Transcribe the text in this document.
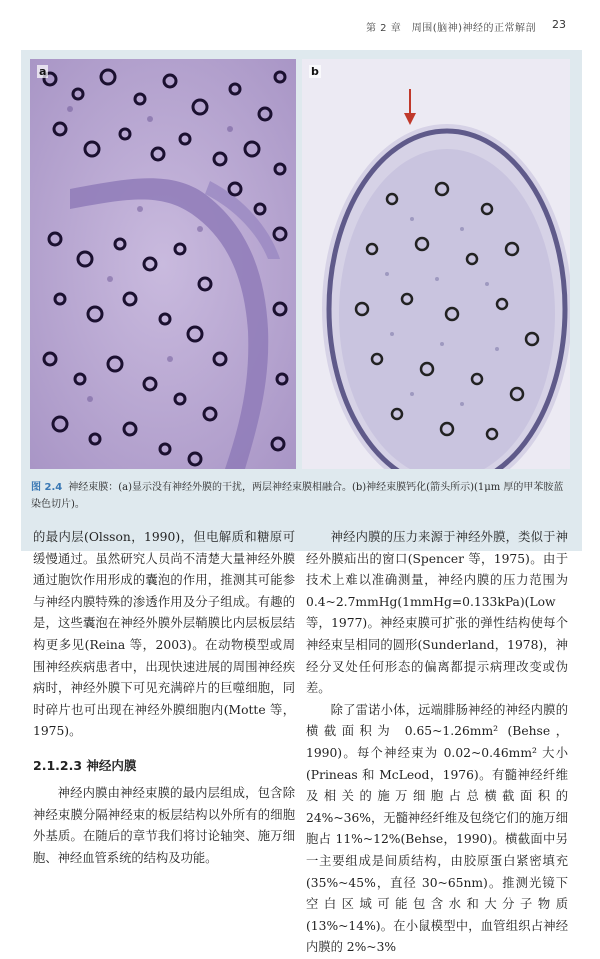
第 2 章　周围(脑神)神经的正常解剖 23
a	b
图 2.4 神经束膜：(a)显示没有神经外膜的干扰，两层神经束膜相融合。(b)神经束膜钙化(箭头所示)(1μm 厚的甲苯胺蓝染色切片)。

的最内层(Olsson，1990)，但电解质和糖原可缓慢通过。虽然研究人员尚不清楚大量神经外膜通过胞饮作用形成的囊泡的作用，推测其可能参与神经内膜特殊的渗透作用及分子组成。有趣的是，这些囊泡在神经外膜外层鞘膜比内层板层结构更多见(Reina 等，2003)。在动物模型或周围神经疾病患者中，出现快速进展的周围神经疾病时，神经外膜下可见充满碎片的巨噬细胞，同时碎片也可出现在神经外膜细胞内(Motte 等，1975)。

2.1.2.3 神经内膜

神经内膜由神经束膜的最内层组成，包含除神经束膜分隔神经束的板层结构以外所有的细胞外基质。在随后的章节我们将讨论轴突、施万细胞、神经血管系统的结构及功能。

神经内膜的压力来源于神经外膜，类似于神经外膜疝出的窗口(Spencer 等，1975)。由于技术上难以准确测量，神经内膜的压力范围为 0.4~2.7mmHg(1mmHg=0.133kPa)(Low 等，1977)。神经束膜可扩张的弹性结构使每个神经束呈相同的圆形(Sunderland，1978)，神经分叉处任何形态的偏离都提示病理改变或伪差。

除了雷诺小体，远端腓肠神经的神经内膜的横截面积为 0.65~1.26mm² (Behse，1990)。每个神经束为 0.02~0.46mm² 大小(Prineas 和 McLeod，1976)。有髓神经纤维及相关的施万细胞占总横截面积的 24%~36%，无髓神经纤维及包绕它们的施万细胞占 11%~12%(Behse，1990)。横截面中另一主要组成是间质结构，由胶原蛋白紧密填充(35%~45%，直径 30~65nm)。推测光镜下空白区域可能包含水和大分子物质(13%~14%)。在小鼠模型中，血管组织占神经内膜的 2%~3%
